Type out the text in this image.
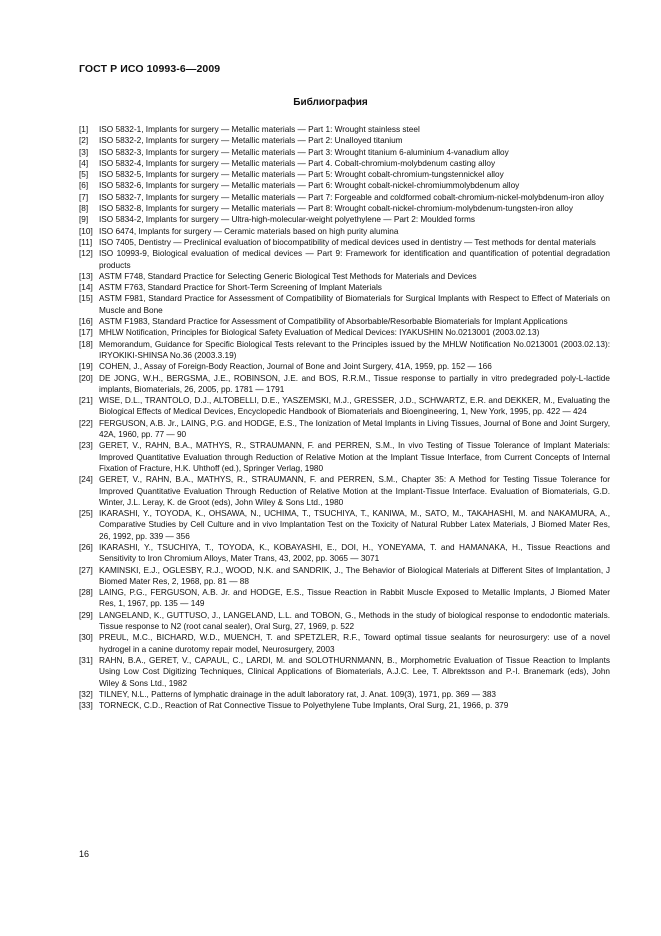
ГОСТ Р ИСО 10993-6—2009
Библиография
[1]	ISO 5832-1, Implants for surgery — Metallic materials — Part 1: Wrought stainless steel
[2]	ISO 5832-2, Implants for surgery — Metallic materials — Part 2: Unalloyed titanium
[3]	ISO 5832-3, Implants for surgery — Metallic materials — Part 3: Wrought titanium 6-aluminium 4-vanadium alloy
[4]	ISO 5832-4, Implants for surgery — Metallic materials — Part 4. Cobalt-chromium-molybdenum casting alloy
[5]	ISO 5832-5, Implants for surgery — Metallic materials — Part 5: Wrought cobalt-chromium-tungstennickel alloy
[6]	ISO 5832-6, Implants for surgery — Metallic materials — Part 6: Wrought cobalt-nickel-chromiummolybdenum alloy
[7]	ISO 5832-7, Implants for surgery — Metallic materials — Part 7: Forgeable and coldformed cobalt-chromium-nickel-molybdenum-iron alloy
[8]	ISO 5832-8, Implants for surgery — Metallic materials — Part 8: Wrought cobalt-nickel-chromium-molybdenum-tungsten-iron alloy
[9]	ISO 5834-2, Implants for surgery — Ultra-high-molecular-weight polyethylene — Part 2: Moulded forms
[10] ISO 6474, Implants for surgery — Ceramic materials based on high purity alumina
[11] ISO 7405, Dentistry — Preclinical evaluation of biocompatibility of medical devices used in dentistry — Test methods for dental materials
[12] ISO 10993-9, Biological evaluation of medical devices — Part 9: Framework for identification and quantification of potential degradation products
[13] ASTM F748, Standard Practice for Selecting Generic Biological Test Methods for Materials and Devices
[14] ASTM F763, Standard Practice for Short-Term Screening of Implant Materials
[15] ASTM F981, Standard Practice for Assessment of Compatibility of Biomaterials for Surgical Implants with Respect to Effect of Materials on Muscle and Bone
[16] ASTM F1983, Standard Practice for Assessment of Compatibility of Absorbable/Resorbable Biomaterials for Implant Applications
[17] MHLW Notification, Principles for Biological Safety Evaluation of Medical Devices: IYAKUSHIN No.0213001 (2003.02.13)
[18] Memorandum, Guidance for Specific Biological Tests relevant to the Principles issued by the MHLW Notification No.0213001 (2003.02.13): IRYOKIKI-SHINSA No.36 (2003.3.19)
[19] COHEN, J., Assay of Foreign-Body Reaction, Journal of Bone and Joint Surgery, 41A, 1959, pp. 152 — 166
[20] DE JONG, W.H., BERGSMA, J.E., ROBINSON, J.E. and BOS, R.R.M., Tissue response to partially in vitro predegraded poly-L-lactide implants, Biomaterials, 26, 2005, pp. 1781 — 1791
[21] WISE, D.L., TRANTOLO, D.J., ALTOBELLI, D.E., YASZEMSKI, M.J., GRESSER, J.D., SCHWARTZ, E.R. and DEKKER, M., Evaluating the Biological Effects of Medical Devices, Encyclopedic Handbook of Biomaterials and Bioengineering, 1, New York, 1995, pp. 422 — 424
[22] FERGUSON, A.B. Jr., LAING, P.G. and HODGE, E.S., The Ionization of Metal Implants in Living Tissues, Journal of Bone and Joint Surgery, 42A, 1960, pp. 77 — 90
[23] GERET, V., RAHN, B.A., MATHYS, R., STRAUMANN, F. and PERREN, S.M., In vivo Testing of Tissue Tolerance of Implant Materials: Improved Quantitative Evaluation through Reduction of Relative Motion at the Implant Tissue Interface, from Current Concepts of Internal Fixation of Fracture, H.K. Uhthoff (ed.), Springer Verlag, 1980
[24] GERET, V., RAHN, B.A., MATHYS, R., STRAUMANN, F. and PERREN, S.M., Chapter 35: A Method for Testing Tissue Tolerance for Improved Quantitative Evaluation Through Reduction of Relative Motion at the Implant-Tissue Interface. Evaluation of Biomaterials, G.D. Winter, J.L. Leray, K. de Groot (eds), John Wiley & Sons Ltd., 1980
[25] IKARASHI, Y., TOYODA, K., OHSAWA, N., UCHIMA, T., TSUCHIYA, T., KANIWA, M., SATO, M., TAKAHASHI, M. and NAKAMURA, A., Comparative Studies by Cell Culture and in vivo Implantation Test on the Toxicity of Natural Rubber Latex Materials, J Biomed Mater Res, 26, 1992, pp. 339 — 356
[26] IKARASHI, Y., TSUCHIYA, T., TOYODA, K., KOBAYASHI, E., DOI, H., YONEYAMA, T. and HAMANAKA, H., Tissue Reactions and Sensitivity to Iron Chromium Alloys, Mater Trans, 43, 2002, pp. 3065 — 3071
[27] KAMINSKI, E.J., OGLESBY, R.J., WOOD, N.K. and SANDRIK, J., The Behavior of Biological Materials at Different Sites of Implantation, J Biomed Mater Res, 2, 1968, pp. 81 — 88
[28] LAING, P.G., FERGUSON, A.B. Jr. and HODGE, E.S., Tissue Reaction in Rabbit Muscle Exposed to Metallic Implants, J Biomed Mater Res, 1, 1967, pp. 135 — 149
[29] LANGELAND, K., GUTTUSO, J., LANGELAND, L.L. and TOBON, G., Methods in the study of biological response to endodontic materials. Tissue response to N2 (root canal sealer), Oral Surg, 27, 1969, p. 522
[30] PREUL, M.C., BICHARD, W.D., MUENCH, T. and SPETZLER, R.F., Toward optimal tissue sealants for neurosurgery: use of a novel hydrogel in a canine durotomy repair model, Neurosurgery, 2003
[31] RAHN, B.A., GERET, V., CAPAUL, C., LARDI, M. and SOLOTHURNMANN, B., Morphometric Evaluation of Tissue Reaction to Implants Using Low Cost Digitizing Techniques, Clinical Applications of Biomaterials, A.J.C. Lee, T. Albrektsson and P.-I. Branemark (eds), John Wiley & Sons Ltd., 1982
[32] TILNEY, N.L., Patterns of lymphatic drainage in the adult laboratory rat, J. Anat. 109(3), 1971, pp. 369 — 383
[33] TORNECK, C.D., Reaction of Rat Connective Tissue to Polyethylene Tube Implants, Oral Surg, 21, 1966, p. 379
16
